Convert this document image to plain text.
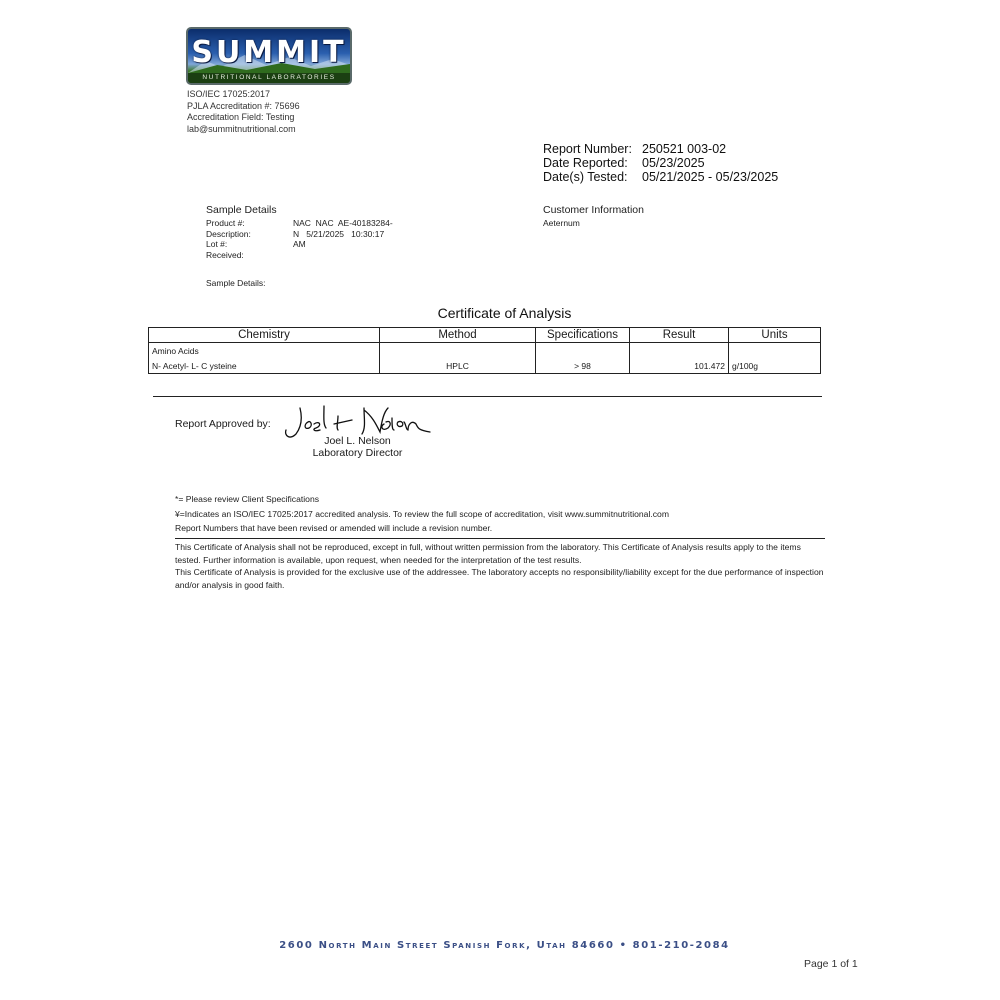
SUMMIT
NUTRITIONAL LABORATORIES
ISO/IEC 17025:2017
PJLA Accreditation #: 75696
Accreditation Field: Testing
lab@summitnutritional.com
Report Number: 250521 003-02
Date Reported:	05/23/2025
Date(s) Tested:	05/21/2025 - 05/23/2025
Sample Details
Product #:	NAC  NAC  AE-40183284-
Description:	N   5/21/2025   10:30:17
Lot #:	AM
Received:
Customer Information
Aeternum
Sample Details:
Certificate of Analysis
Chemistry	Method	Specifications	Result	Units
Amino Acids				
N- Acetyl- L- C ysteine	HPLC	> 98	101.472	g/100g
Report Approved by:
Joel L. Nelson
Laboratory Director
*= Please review Client Specifications
¥=Indicates an ISO/IEC 17025:2017 accredited analysis. To review the full scope of accreditation, visit www.summitnutritional.com
Report Numbers that have been revised or amended will include a revision number.
This Certificate of Analysis shall not be reproduced, except in full, without written permission from the laboratory. This Certificate of Analysis results apply to the items tested. Further information is available, upon request, when needed for the interpretation of the test results.
This Certificate of Analysis is provided for the exclusive use of the addressee. The laboratory accepts no responsibility/liability except for the due performance of inspection and/or analysis in good faith.
2600 North Main Street Spanish Fork, Utah 84660 • 801-210-2084
Page 1 of 1
